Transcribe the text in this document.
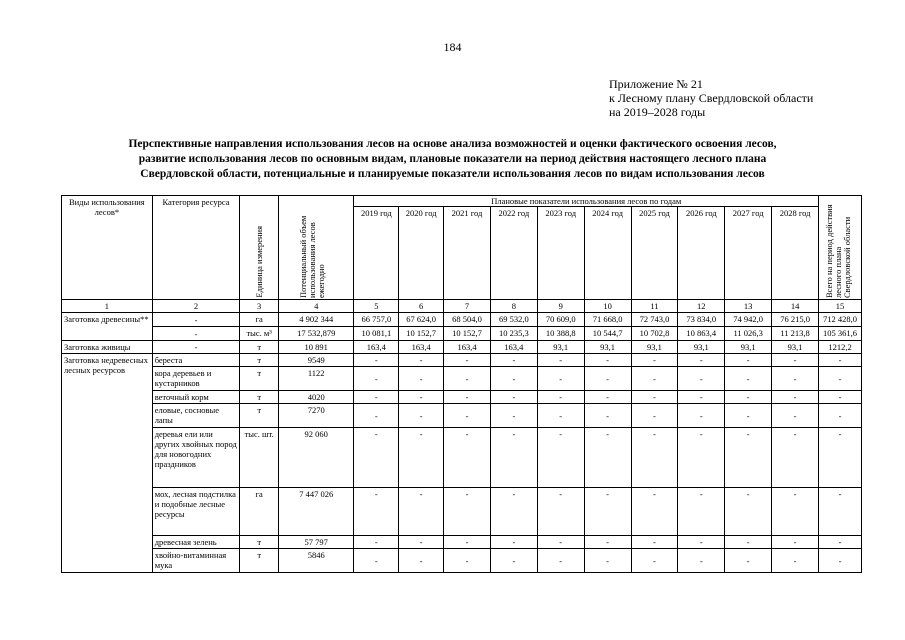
184
Приложение № 21
к Лесному плану Свердловской области
на 2019–2028 годы
Перспективные направления использования лесов на основе анализа возможностей и оценки фактического освоения лесов,
развитие использования лесов по основным видам, плановые показатели на период действия настоящего лесного плана
Свердловской области, потенциальные и планируемые показатели использования лесов по видам использования лесов
Виды использования лесов*	Категория ресурса	Единица измерения	Потенциальный объем использования лесов ежегодно	Плановые показатели использования лесов по годам										Всего на период действия лесного плана Свердловской области

				2019 год	2020 год	2021 год	2022 год	2023 год	2024 год	2025 год	2026 год	2027 год	2028 год	
1	2	3	4	5	6	7	8	9	10	11	12	13	14	15
Заготовка древесины**	-	га	4 902 344	66 757,0	67 624,0	68 504,0	69 532,0	70 609,0	71 668,0	72 743,0	73 834,0	74 942,0	76 215,0	712 428,0
	-	тыс. м³	17 532,879	10 081,1	10 152,7	10 152,7	10 235,3	10 388,8	10 544,7	10 702,8	10 863,4	11 026,3	11 213,8	105 361,6
Заготовка живицы	-	т	10 891	163,4	163,4	163,4	163,4	93,1	93,1	93,1	93,1	93,1	93,1	1212,2
Заготовка недревесных лесных ресурсов	береста	т	9549	-	-	-	-	-	-	-	-	-	-	-
	кора деревьев и кустарников	т	1122	-	-	-	-	-	-	-	-	-	-	-
	веточный корм	т	4020	-	-	-	-	-	-	-	-	-	-	-
	еловые, сосновые лапы	т	7270	-	-	-	-	-	-	-	-	-	-	-
	деревья ели или других хвойных пород для новогодних праздников	тыс. шт.	92 060	-	-	-	-	-	-	-	-	-	-	-
	мох, лесная подстилка и подобные лесные ресурсы	га	7 447 026	-	-	-	-	-	-	-	-	-	-	-
	древесная зелень	т	57 797	-	-	-	-	-	-	-	-	-	-	-
	хвойно-витаминная мука	т	5846	-	-	-	-	-	-	-	-	-	-	-
